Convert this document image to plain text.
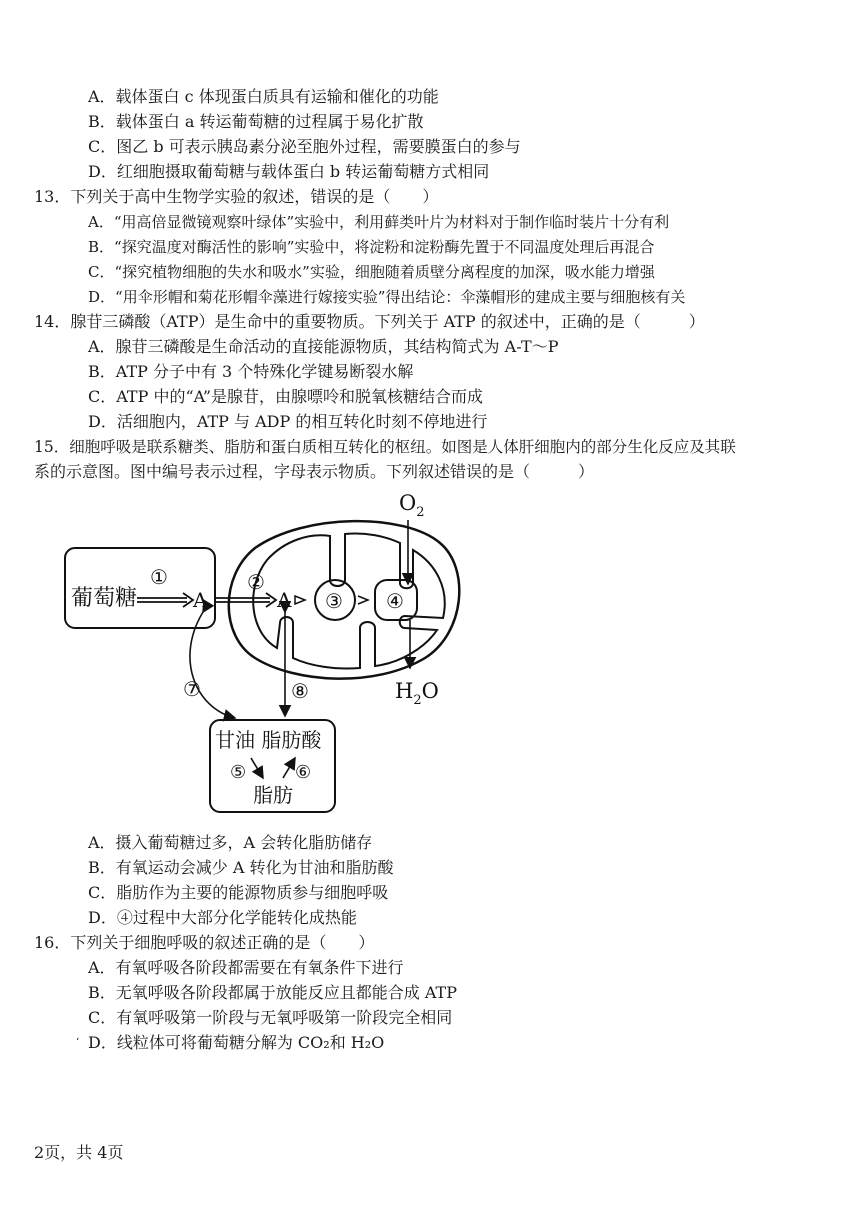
A．载体蛋白 c 体现蛋白质具有运输和催化的功能
B．载体蛋白 a 转运葡萄糖的过程属于易化扩散
C．图乙 b 可表示胰岛素分泌至胞外过程，需要膜蛋白的参与
D．红细胞摄取葡萄糖与载体蛋白 b 转运葡萄糖方式相同
13．下列关于高中生物学实验的叙述，错误的是（　　）
A．“用高倍显微镜观察叶绿体”实验中，利用藓类叶片为材料对于制作临时装片十分有利
B．“探究温度对酶活性的影响”实验中，将淀粉和淀粉酶先置于不同温度处理后再混合
C．“探究植物细胞的失水和吸水”实验，细胞随着质壁分离程度的加深，吸水能力增强
D．“用伞形帽和菊花形帽伞藻进行嫁接实验”得出结论：伞藻帽形的建成主要与细胞核有关
14．腺苷三磷酸（ATP）是生命中的重要物质。下列关于 ATP 的叙述中，正确的是（　　　）
A．腺苷三磷酸是生命活动的直接能源物质，其结构简式为 A-T～P
B．ATP 分子中有 3 个特殊化学键易断裂水解
C．ATP 中的“A”是腺苷，由腺嘌呤和脱氧核糖结合而成
D．活细胞内，ATP 与 ADP 的相互转化时刻不停地进行
15．细胞呼吸是联系糖类、脂肪和蛋白质相互转化的枢纽。如图是人体肝细胞内的部分生化反应及其联
系的示意图。图中编号表示过程，字母表示物质。下列叙述错误的是（　　　）
葡萄糖
①
A
②
A ③ ④
$O_2$
$H_2O$
⑦	⑧
甘油 脂肪酸
⑤	⑥
脂肪
A．摄入葡萄糖过多，A 会转化脂肪储存
B．有氧运动会减少 A 转化为甘油和脂肪酸
C．脂肪作为主要的能源物质参与细胞呼吸
D．④过程中大部分化学能转化成热能
16．下列关于细胞呼吸的叙述正确的是（　　）
A．有氧呼吸各阶段都需要在有氧条件下进行
B．无氧呼吸各阶段都属于放能反应且都能合成 ATP
C．有氧呼吸第一阶段与无氧呼吸第一阶段完全相同
‘ D．线粒体可将葡萄糖分解为 CO₂和 H₂O
2页，共 4页
